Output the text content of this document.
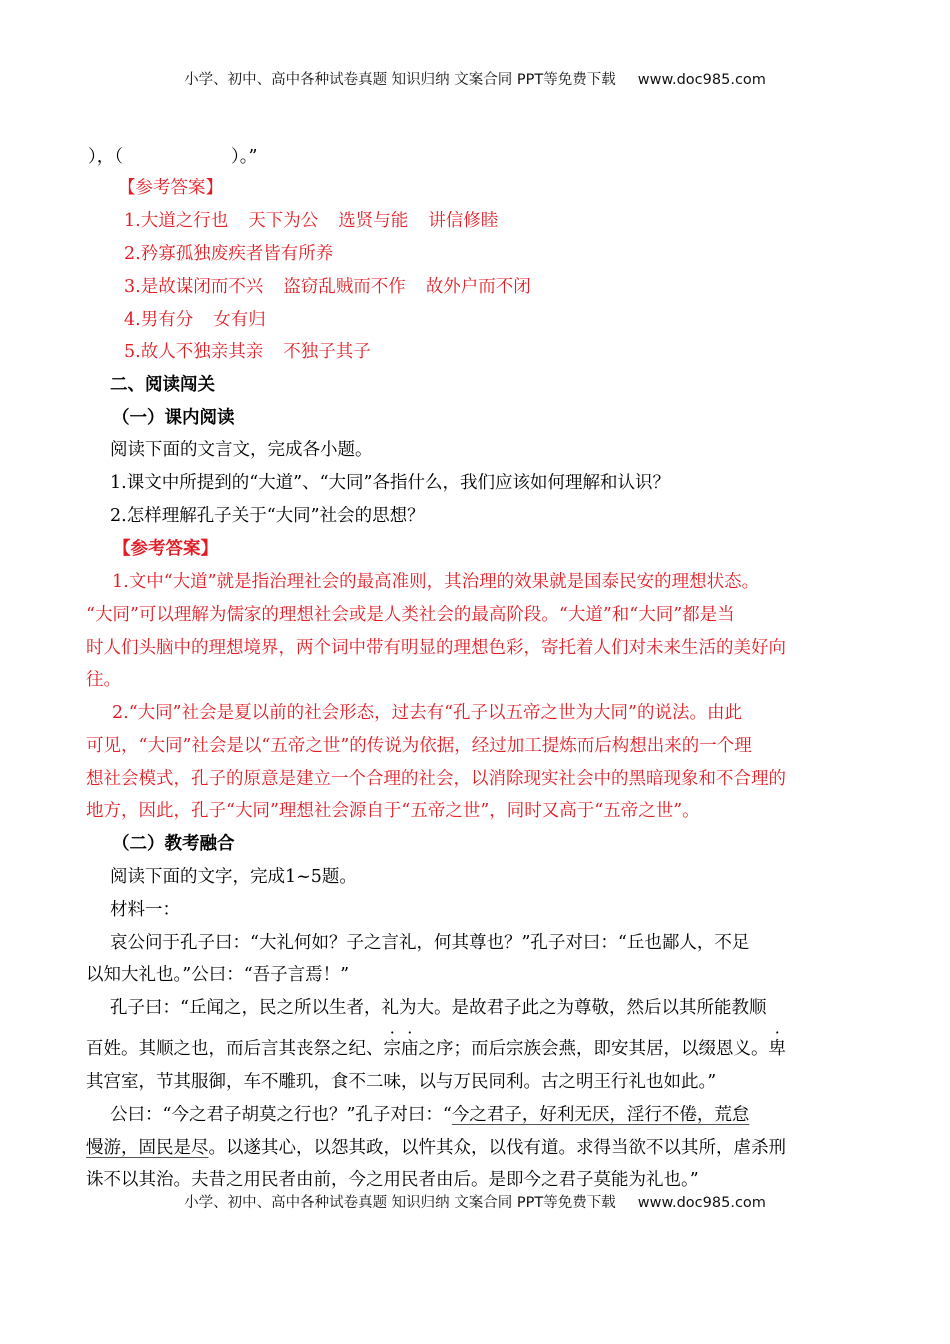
小学、初中、高中各种试卷真题 知识归纳 文案合同 PPT等免费下载 www.doc985.com
），（	）。”
【参考答案】
1.大道之行也 天下为公 选贤与能 讲信修睦
2.矜寡孤独废疾者皆有所养
3.是故谋闭而不兴 盗窃乱贼而不作 故外户而不闭
4.男有分 女有归
5.故人不独亲其亲 不独子其子
二、阅读闯关
（一）课内阅读
阅读下面的文言文，完成各小题。
1.课文中所提到的“大道”、“大同”各指什么，我们应该如何理解和认识？
2.怎样理解孔子关于“大同”社会的思想？
【参考答案】
1.文中“大道”就是指治理社会的最高准则，其治理的效果就是国泰民安的理想状态。
“大同”可以理解为儒家的理想社会或是人类社会的最高阶段。“大道”和“大同”都是当
时人们头脑中的理想境界，两个词中带有明显的理想色彩，寄托着人们对未来生活的美好向
往。
2.“大同”社会是夏以前的社会形态，过去有“孔子以五帝之世为大同”的说法。由此
可见，“大同”社会是以“五帝之世”的传说为依据，经过加工提炼而后构想出来的一个理
想社会模式，孔子的原意是建立一个合理的社会，以消除现实社会中的黑暗现象和不合理的
地方，因此，孔子“大同”理想社会源自于“五帝之世”，同时又高于“五帝之世”。
（二）教考融合
阅读下面的文字，完成1~5题。
材料一：
哀公问于孔子曰：“大礼何如？子之言礼，何其尊也？”孔子对曰：“丘也鄙人，不足
以知大礼也。”公曰：“吾子言焉！”
孔子曰：“丘闻之，民之所以生者，礼为大。是故君子此之为尊敬，然后以其所能教顺
百姓。其顺之也，而后言其丧祭之纪、宗庙之序；而后宗族会燕，即安其居，以缀恩义。卑
其宫室，节其服御，车不雕玑，食不二味，以与万民同利。古之明王行礼也如此。”
公曰：“今之君子胡莫之行也？”孔子对曰：“今之君子，好利无厌，淫行不倦，荒怠
慢游，固民是尽。以遂其心，以怨其政，以忤其众，以伐有道。求得当欲不以其所，虐杀刑
诛不以其治。夫昔之用民者由前，今之用民者由后。是即今之君子莫能为礼也。”
小学、初中、高中各种试卷真题 知识归纳 文案合同 PPT等免费下载 www.doc985.com
